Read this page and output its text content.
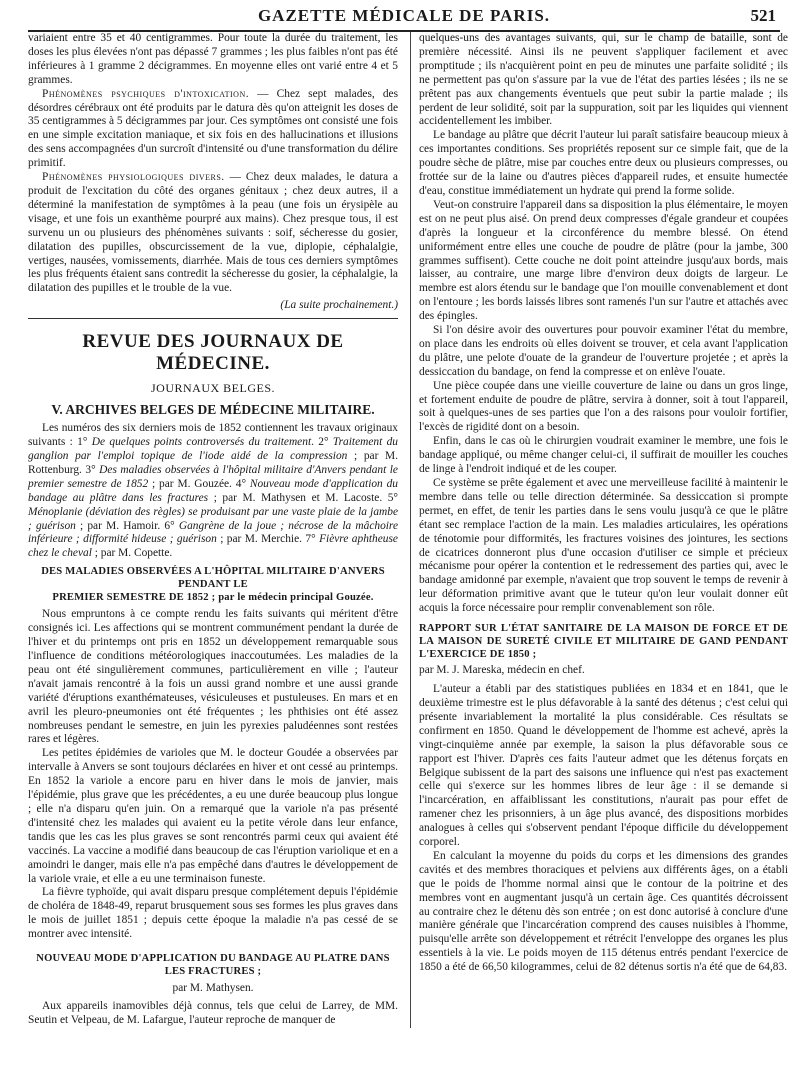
GAZETTE MÉDICALE DE PARIS.	521

variaient entre 35 et 40 centigrammes. Pour toute la durée du traitement, les doses les plus élevées n'ont pas dépassé 7 grammes ; les plus faibles n'ont pas été inférieures à 1 gramme 2 décigrammes. En moyenne elles ont varié entre 4 et 5 grammes.

Phénomènes psychiques d'intoxication. — Chez sept malades, des désordres cérébraux ont été produits par le datura dès qu'on atteignit les doses de 35 centigrammes à 5 décigrammes par jour. Ces symptômes ont consisté une fois en une simple excitation maniaque, et six fois en des hallucinations et illusions des sens accompagnées d'un surcroît d'intensité ou d'une transformation du délire primitif.

Phénomènes physiologiques divers. — Chez deux malades, le datura a produit de l'excitation du côté des organes génitaux ; chez deux autres, il a déterminé la manifestation de symptômes à la peau (une fois un érysipèle au visage, et une fois un exanthème pourpré aux mains). Chez presque tous, il est survenu un ou plusieurs des phénomènes suivants : soif, sécheresse du gosier, dilatation des pupilles, obscurcissement de la vue, diplopie, céphalalgie, vertiges, nausées, vomissements, diarrhée. Mais de tous ces derniers symptômes les plus fréquents étaient sans contredit la sécheresse du gosier, la céphalalgie, la dilatation des pupilles et le trouble de la vue.

(La suite prochainement.)
REVUE DES JOURNAUX DE MÉDECINE.
JOURNAUX BELGES.
V. ARCHIVES BELGES DE MÉDECINE MILITAIRE.

Les numéros des six derniers mois de 1852 contiennent les travaux originaux suivants : 1° De quelques points controversés du traitement. 2° Traitement du ganglion par l'emploi topique de l'iode aidé de la compression ; par M. Rottenburg. 3° Des maladies observées à l'hôpital militaire d'Anvers pendant le premier semestre de 1852 ; par M. Gouzée. 4° Nouveau mode d'application du bandage au plâtre dans les fractures ; par M. Mathysen et M. Lacoste. 5° Ménoplanie (déviation des règles) se produisant par une vaste plaie de la jambe ; guérison ; par M. Hamoir. 6° Gangrène de la joue ; nécrose de la mâchoire inférieure ; difformité hideuse ; guérison ; par M. Merchie. 7° Fièvre aphtheuse chez le cheval ; par M. Copette.

DES MALADIES OBSERVÉES A L'HÔPITAL MILITAIRE D'ANVERS PENDANT LE
PREMIER SEMESTRE DE 1852 ; par le médecin principal Gouzée.

Nous empruntons à ce compte rendu les faits suivants qui méritent d'être consignés ici. Les affections qui se montrent communément pendant la durée de l'hiver et du printemps ont pris en 1852 un développement remarquable sous l'influence de conditions météorologiques inaccoutumées. Les maladies de la peau ont été singulièrement communes, particulièrement en ville ; l'auteur n'avait jamais rencontré à la fois un aussi grand nombre et une aussi grande variété d'éruptions exanthémateuses, vésiculeuses et pustuleuses. En mars et en avril les pleuro-pneumonies ont été fréquentes ; les phthisies ont été assez nombreuses pendant le semestre, en juin les pyrexies paludéennes sont restées rares et légères.

Les petites épidémies de varioles que M. le docteur Goudée a observées par intervalle à Anvers se sont toujours déclarées en hiver et ont cessé au printemps. En 1852 la variole a encore paru en hiver dans le mois de janvier, mais l'épidémie, plus grave que les précédentes, a eu une durée beaucoup plus longue ; elle n'a disparu qu'en juin. On a remarqué que la variole n'a pas présenté d'intensité chez les malades qui avaient eu la petite vérole dans leur enfance, tandis que les cas les plus graves se sont rencontrés parmi ceux qui avaient été vaccinés. La vaccine a modifié dans beaucoup de cas l'éruption variolique et en a amoindri le danger, mais elle n'a pas empêché dans d'autres le développement de la variole vraie, et elle a eu une terminaison funeste.

La fièvre typhoïde, qui avait disparu presque complétement depuis l'épidémie de choléra de 1848-49, reparut brusquement sous ses formes les plus graves dans le mois de juillet 1851 ; depuis cette époque la maladie n'a pas cessé de se montrer avec intensité.

NOUVEAU MODE D'APPLICATION DU BANDAGE AU PLATRE DANS LES FRACTURES ;
par M. Mathysen.

Aux appareils inamovibles déjà connus, tels que celui de Larrey, de MM. Seutin et Velpeau, de M. Lafargue, l'auteur reproche de manquer de

quelques-uns des avantages suivants, qui, sur le champ de bataille, sont de première nécessité. Ainsi ils ne peuvent s'appliquer facilement et avec promptitude ; ils n'acquièrent point en peu de minutes une parfaite solidité ; ils ne permettent pas qu'on s'assure par la vue de l'état des parties lésées ; ils ne se prêtent pas aux changements éventuels que peut subir la partie malade ; ils perdent de leur solidité, soit par la suppuration, soit par les liquides qui viennent accidentellement les imbiber.

Le bandage au plâtre que décrit l'auteur lui paraît satisfaire beaucoup mieux à ces importantes conditions. Ses propriétés reposent sur ce simple fait, que de la poudre sèche de plâtre, mise par couches entre deux ou plusieurs compresses, ou frottée sur de la laine ou d'autres pièces d'appareil rudes, et ensuite humectée d'eau, constitue immédiatement un hydrate qui prend la forme solide.

Veut-on construire l'appareil dans sa disposition la plus élémentaire, le moyen est on ne peut plus aisé. On prend deux compresses d'égale grandeur et coupées d'après la longueur et la circonférence du membre blessé. On étend uniformément entre elles une couche de poudre de plâtre (pour la jambe, 300 grammes suffisent). Cette couche ne doit point atteindre jusqu'aux bords, mais laisser, au contraire, une marge libre d'environ deux doigts de largeur. Le membre est alors étendu sur le bandage que l'on mouille convenablement et dont on l'entoure ; les bords laissés libres sont ramenés l'un sur l'autre et attachés avec des épingles.

Si l'on désire avoir des ouvertures pour pouvoir examiner l'état du membre, on place dans les endroits où elles doivent se trouver, et cela avant l'application du plâtre, une pelote d'ouate de la grandeur de l'ouverture projetée ; et après la dessiccation du bandage, on fend la compresse et on enlève l'ouate.

Une pièce coupée dans une vieille couverture de laine ou dans un gros linge, et fortement enduite de poudre de plâtre, servira à donner, soit à tout l'appareil, soit à quelques-unes de ses parties que l'on a des raisons pour vouloir fortifier, l'excès de rigidité dont on a besoin.

Enfin, dans le cas où le chirurgien voudrait examiner le membre, une fois le bandage appliqué, ou même changer celui-ci, il suffirait de mouiller les couches de linge à l'endroit indiqué et de les couper.

Ce système se prête également et avec une merveilleuse facilité à maintenir le membre dans telle ou telle direction déterminée. Sa dessiccation si prompte permet, en effet, de tenir les parties dans le sens voulu jusqu'à ce que le plâtre étant sec remplace l'action de la main. Les maladies articulaires, les opérations de ténotomie pour difformités, les fractures voisines des jointures, les sections de cicatrices donneront plus d'une occasion d'utiliser ce simple et précieux mécanisme pour opérer la contention et le redressement des parties qui, avec le bandage amidonné par exemple, n'avaient que trop souvent le temps de revenir à leur déformation primitive avant que le tuteur qu'on leur voulait donner eût acquis la force nécessaire pour remplir convenablement son rôle.

RAPPORT SUR L'ÉTAT SANITAIRE DE LA MAISON DE FORCE ET DE LA MAISON DE SURETÉ CIVILE ET MILITAIRE DE GAND PENDANT L'EXERCICE DE 1850 ;
par M. J. Mareska, médecin en chef.

L'auteur a établi par des statistiques publiées en 1834 et en 1841, que le deuxième trimestre est le plus défavorable à la santé des détenus ; c'est celui qui présente invariablement la mortalité la plus considérable. Ces résultats se confirment en 1850. Quand le développement de l'homme est achevé, après la vingt-cinquième année par exemple, la saison la plus défavorable sous ce rapport est l'hiver. D'après ces faits l'auteur admet que les détenus forçats en Belgique subissent de la part des saisons une influence qui n'est pas exactement celle qui s'exerce sur les hommes libres de leur âge : il se demande si l'incarcération, en affaiblissant les constitutions, n'aurait pas pour effet de ramener chez les prisonniers, à un âge plus avancé, des dispositions morbides analogues à celles qui s'observent pendant l'époque difficile du développement corporel.

En calculant la moyenne du poids du corps et les dimensions des grandes cavités et des membres thoraciques et pelviens aux différents âges, on a établi que le poids de l'homme normal ainsi que le contour de la poitrine et des membres vont en augmentant jusqu'à un certain âge. Ces quantités décroissent au contraire chez le détenu dès son entrée ; on est donc autorisé à conclure d'une manière générale que l'incarcération comprend des causes nuisibles à l'homme, puisqu'elle arrête son développement et rétrécit l'enveloppe des organes les plus essentiels à la vie. Le poids moyen de 115 détenus entrés pendant l'exercice de 1850 a été de 66,50 kilogrammes, celui de 82 détenus sortis n'a été que de 64,83.
